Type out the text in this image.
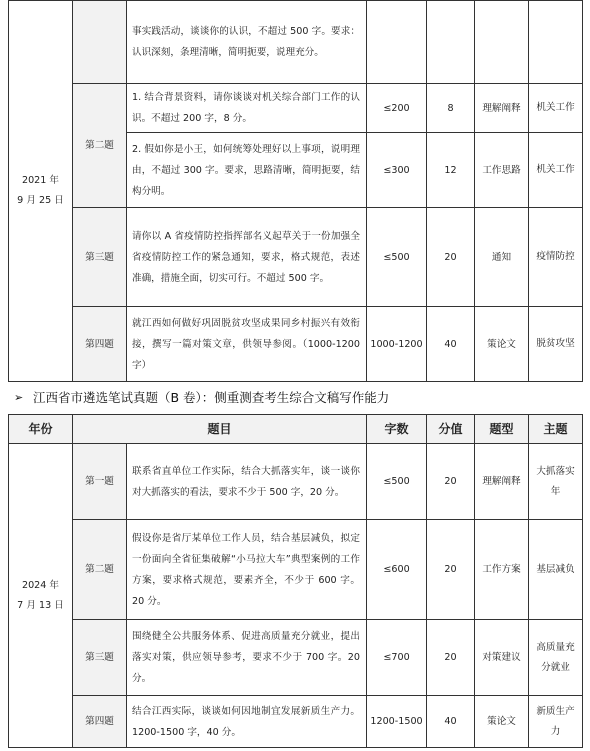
2021 年
9 月 25 日		事实践活动，谈谈你的认识，不超过 500 字。要求：认识深刻，条理清晰，简明扼要，说理充分。				
	第二题	1. 结合背景资料，请你谈谈对机关综合部门工作的认识。不超过 200 字，8 分。	≤200	8	理解阐释	机关工作
		2. 假如你是小王，如何统筹处理好以上事项，说明理由，不超过 300 字。要求，思路清晰，简明扼要，结构分明。	≤300	12	工作思路	机关工作
	第三题	请你以 A 省疫情防控指挥部名义起草关于一份加强全省疫情防控工作的紧急通知，要求，格式规范，表述准确，措施全面，切实可行。不超过 500 字。	≤500	20	通知	疫情防控
	第四题	就江西如何做好巩固脱贫攻坚成果同乡村振兴有效衔接，撰写一篇对策文章，供领导参阅。（1000-1200 字）	1000-1200	40	策论文	脱贫攻坚
➢ 江西省市遴选笔试真题（B 卷）：侧重测查考生综合文稿写作能力
年份	题目		字数	分值	题型	主题
2024 年
7 月 13 日	第一题	联系省直单位工作实际，结合大抓落实年，谈一谈你对大抓落实的看法，要求不少于 500 字，20 分。	≤500	20	理解阐释	大抓落实年
	第二题	假设你是省厅某单位工作人员，结合基层减负，拟定一份面向全省征集破解“小马拉大车”典型案例的工作方案，要求格式规范，要素齐全，不少于 600 字。20 分。	≤600	20	工作方案	基层减负
	第三题	围绕健全公共服务体系、促进高质量充分就业，提出落实对策，供应领导参考，要求不少于 700 字。20 分。	≤700	20	对策建议	高质量充分就业
	第四题	结合江西实际，谈谈如何因地制宜发展新质生产力。1200-1500 字，40 分。	1200-1500	40	策论文	新质生产力
